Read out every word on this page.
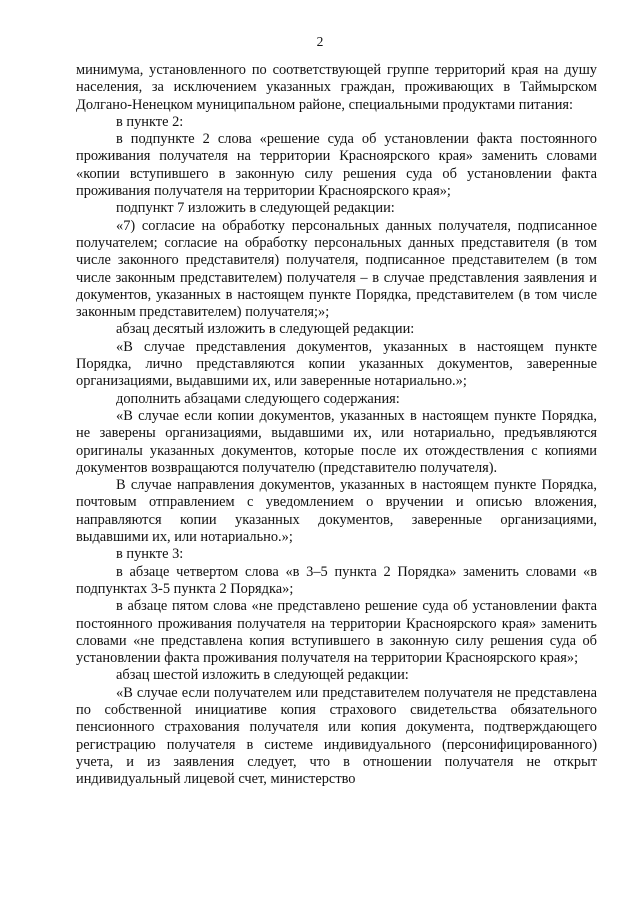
2

минимума, установленного по соответствующей группе территорий края на душу населения, за исключением указанных граждан, проживающих в Таймырском Долгано-Ненецком муниципальном районе, специальными продуктами питания:

в пункте 2:

в подпункте 2 слова «решение суда об установлении факта постоянного проживания получателя на территории Красноярского края» заменить словами «копии вступившего в законную силу решения суда об установлении факта проживания получателя на территории Красноярского края»;

подпункт 7 изложить в следующей редакции:

«7) согласие на обработку персональных данных получателя, подписанное получателем; согласие на обработку персональных данных представителя (в том числе законного представителя) получателя, подписанное представителем (в том числе законным представителем) получателя – в случае представления заявления и документов, указанных в настоящем пункте Порядка, представителем (в том числе законным представителем) получателя;»;

абзац десятый изложить в следующей редакции:

«В случае представления документов, указанных в настоящем пункте Порядка, лично представляются копии указанных документов, заверенные организациями, выдавшими их, или заверенные нотариально.»;

дополнить абзацами следующего содержания:

«В случае если копии документов, указанных в настоящем пункте Порядка, не заверены организациями, выдавшими их, или нотариально, предъявляются оригиналы указанных документов, которые после их отождествления с копиями документов возвращаются получателю (представителю получателя).

В случае направления документов, указанных в настоящем пункте Порядка, почтовым отправлением с уведомлением о вручении и описью вложения, направляются копии указанных документов, заверенные организациями, выдавшими их, или нотариально.»;

в пункте 3:

в абзаце четвертом слова «в 3–5 пункта 2 Порядка» заменить словами «в подпунктах 3-5 пункта 2 Порядка»;

в абзаце пятом слова «не представлено решение суда об установлении факта постоянного проживания получателя на территории Красноярского края» заменить словами «не представлена копия вступившего в законную силу решения суда об установлении факта проживания получателя на территории Красноярского края»;

абзац шестой изложить в следующей редакции:

«В случае если получателем или представителем получателя не представлена по собственной инициативе копия страхового свидетельства обязательного пенсионного страхования получателя или копия документа, подтверждающего регистрацию получателя в системе индивидуального (персонифицированного) учета, и из заявления следует, что в отношении получателя не открыт индивидуальный лицевой счет, министерство
